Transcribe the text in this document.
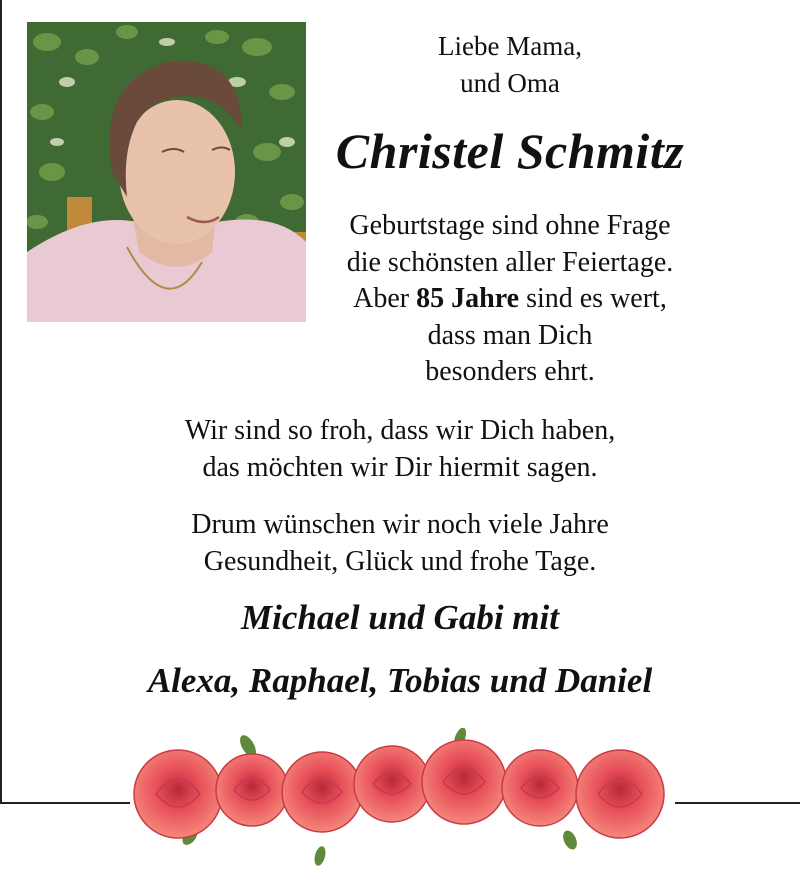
Liebe Mama,
und Oma
Christel Schmitz
Geburtstage sind ohne Frage
die schönsten aller Feiertage.
Aber 85 Jahre sind es wert,
dass man Dich
besonders ehrt.
Wir sind so froh, dass wir Dich haben,
das möchten wir Dir hiermit sagen.
Drum wünschen wir noch viele Jahre
Gesundheit, Glück und frohe Tage.
Michael und Gabi mit
Alexa, Raphael, Tobias und Daniel
